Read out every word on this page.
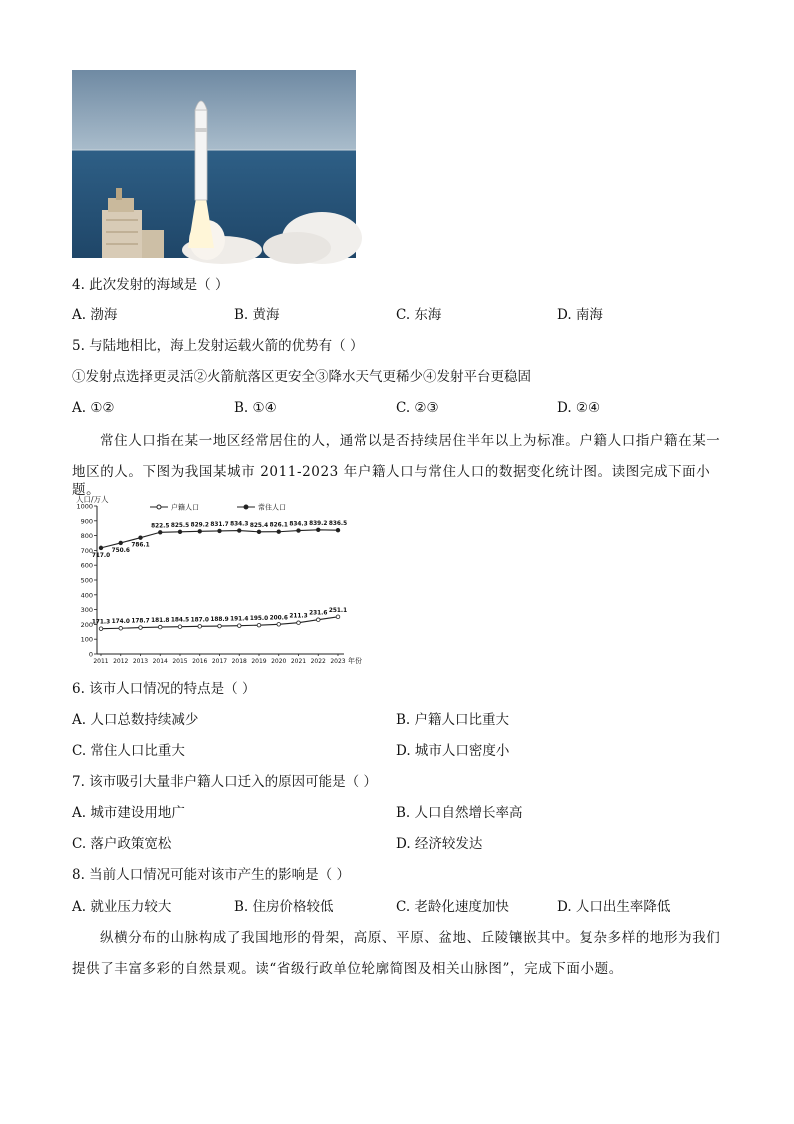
4. 此次发射的海域是（ ）
A. 渤海	B. 黄海	C. 东海	D. 南海
5. 与陆地相比，海上发射运载火箭的优势有（ ）
①发射点选择更灵活②火箭航落区更安全③降水天气更稀少④发射平台更稳固
A. ①②	B. ①④	C. ②③	D. ②④
常住人口指在某一地区经常居住的人，通常以是否持续居住半年以上为标准。户籍人口指户籍在某一
地区的人。下图为我国某城市 2011-2023 年户籍人口与常住人口的数据变化统计图。读图完成下面小题。
人口/万人
户籍人口	常住人口
0
100
200
300
400
500
600
700
800
900
1000
2011 2012 2013 2014 2015 2016 2017 2018 2019 2020 2021 2022 2023 年份
171.3 174.0 178.7 181.8 184.5 187.0 188.9 191.4 195.0 200.6 211.3
231.6 251.1
717.0
750.6
786.1
822.5 825.5 829.2 831.7 834.3 825.4 826.1 834.3 839.2 836.5
6. 该市人口情况的特点是（ ）
A. 人口总数持续减少	B. 户籍人口比重大
C. 常住人口比重大	D. 城市人口密度小
7. 该市吸引大量非户籍人口迁入的原因可能是（ ）
A. 城市建设用地广	B. 人口自然增长率高
C. 落户政策宽松	D. 经济较发达
8. 当前人口情况可能对该市产生的影响是（ ）
A. 就业压力较大	B. 住房价格较低	C. 老龄化速度加快	D. 人口出生率降低
纵横分布的山脉构成了我国地形的骨架，高原、平原、盆地、丘陵镶嵌其中。复杂多样的地形为我们
提供了丰富多彩的自然景观。读“省级行政单位轮廓简图及相关山脉图”，完成下面小题。
